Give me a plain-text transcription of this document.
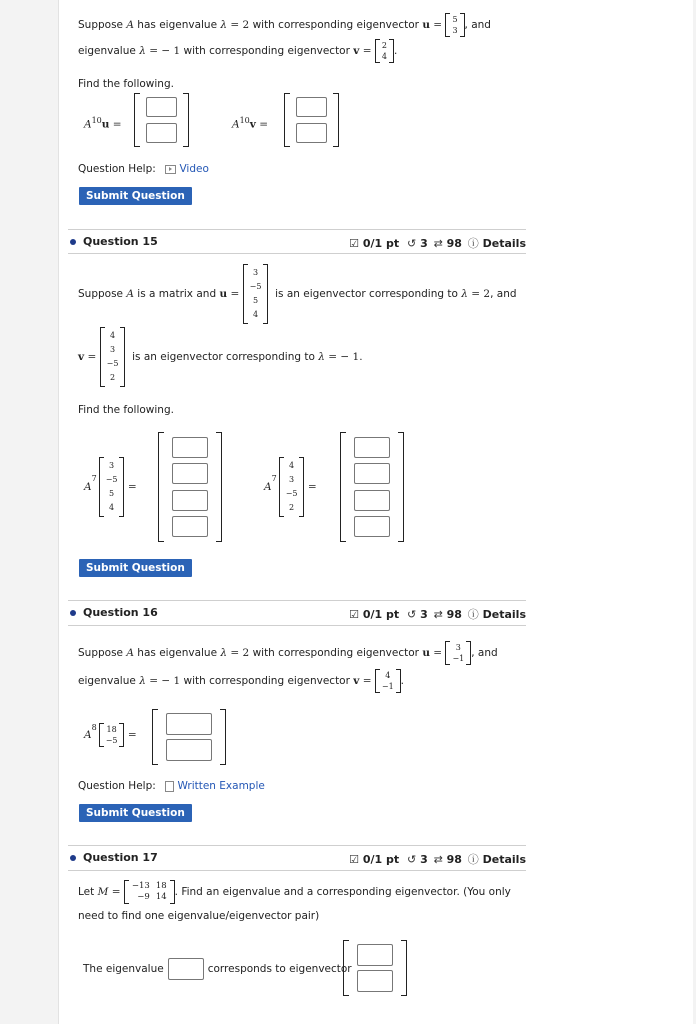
Suppose A has eigenvalue λ = 2 with corresponding eigenvector u = 5
3 , and
eigenvalue λ = − 1 with corresponding eigenvector v = 2
4 .
Find the following.
$A^{10}u$ =	$A^{10}v$ =
Question Help: Video
Submit Question
Question 15	☑ 0/1 pt ↺ 3 ⇄ 98 ⓘ Details
Suppose
A
is a matrix and
u
=

3
−5
5
4

is an eigenvector corresponding to
λ
=
2 , and
v
=

4
3
−5
2

is an eigenvector corresponding to
λ
=
− 1.
Find the following.
A
$^7$
3
−5
5
4

=	A
$^7$
4
3
−5
2

=
Submit Question
Question 16	☑ 0/1 pt ↺ 3 ⇄ 98 ⓘ Details
Suppose A has eigenvalue λ = 2 with corresponding eigenvector u = 3
−1 , and
eigenvalue λ = − 1 with corresponding eigenvector v = 4
−1 .
A
$^8$ 18
−5
=
Question Help: Written Example
Submit Question
Question 17	☑ 0/1 pt ↺ 3 ⇄ 98 ⓘ Details
Let
M
=
−13 18
−9 14 . Find an eigenvalue and a corresponding eigenvector. (You only
need to find one eigenvalue/eigenvector pair)
The eigenvalue	corresponds to eigenvector
